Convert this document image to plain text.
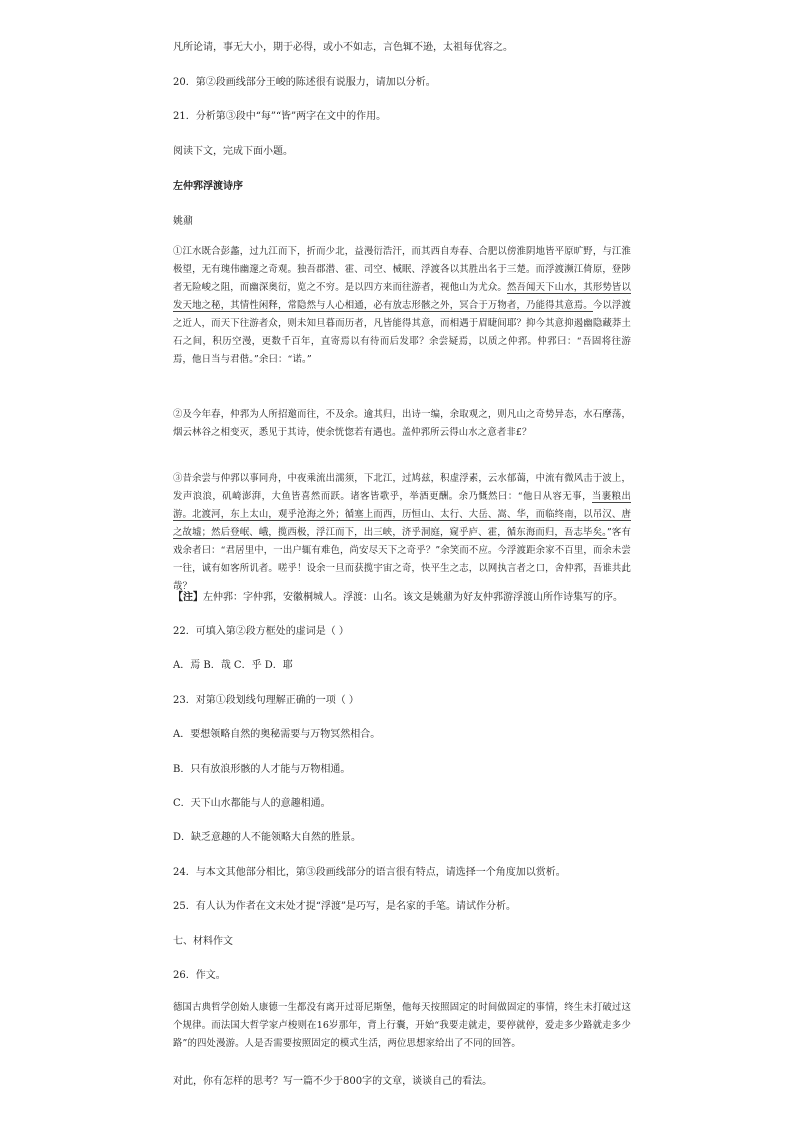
凡所论请，事无大小，期于必得，或小不如志，言色辄不逊，太祖每优容之。
20．第②段画线部分王峻的陈述很有说服力，请加以分析。
21．分析第③段中“每”“皆”两字在文中的作用。
阅读下文，完成下面小题。
左仲郛浮渡诗序
姚鼐
①江水既合彭蠡，过九江而下，折而少北，益漫衍浩汗，而其西自寿春、合肥以傍淮阴地皆平原旷野，与江淮极望，无有瑰伟幽邃之奇观。独吾郡潜、霍、司空、械眠、浮渡各以其胜出名于三楚。而浮渡濒江倚原，登陟者无险峻之阻，而幽深奥衍，览之不穷。是以四方来而往游者，视他山为尤众。然吾闻天下山水，其形势皆以发天地之秘，其情性闲释，常隐然与人心相通，必有放志形骸之外，冥合于万物者，乃能得其意焉。今以浮渡之近人，而天下往游者众，则未知旦暮而历者，凡皆能得其意，而相遇于眉睫间耶？抑今其意抑遏幽隐藏莽土石之间，积历空漫，更数千百年，直寄焉以有待而后发耶？余尝疑焉，以质之仲郛。仲郛曰：“吾固将往游焉，他日当与君偕。”余曰：“诺。”
②及今年春，仲郛为人所招邀而往，不及余。逾其归，出诗一编，余取观之，则凡山之奇势异态，水石摩荡，烟云林谷之相变灭，悉见于其诗，使余恍惚若有遇也。盖仲郛所云得山水之意者非£？
③昔余尝与仲郛以事同舟，中夜乘流出濡须，下北江，过鸠兹，积虚浮素，云水郁蔼，中流有微风击于波上，发声浪浪，矶崎澎湃，大鱼皆喜然而跃。诸客皆歌乎，举酒更酬。余乃慨然曰：“他日从容无事，当裹粮出游。北渡河，东上太山，观乎沧海之外；循塞上而西，历恒山、太行、大岳、嵩、华，而临终南，以吊汉、唐之故墟；然后登岷、峨，揽西极，浮江而下，出三峡，济乎洞庭，窥乎庐、霍，循东海而归，吾志毕矣。”客有戏余者曰：“君居里中，一出户辄有难色，尚安尽天下之奇乎？”余笑而不应。今浮渡距余家不百里，而余未尝一往，诚有如客所讥者。嗟乎！设余一旦而获揽宇宙之奇，快平生之志，以网执言者之口，舍仲郛，吾谁共此哉？
【注】左仲郛：字仲郛，安徽桐城人。浮渡：山名。该文是姚鼐为好友仲郛游浮渡山所作诗集写的序。
22．可填入第②段方框处的虚词是（ ）
A．焉 B．哉 C．乎 D．耶
23．对第①段划线句理解正确的一项（ ）
A．要想领略自然的奥秘需要与万物冥然相合。
B．只有放浪形骸的人才能与万物相通。
C．天下山水都能与人的意趣相通。
D．缺乏意趣的人不能领略大自然的胜景。
24．与本文其他部分相比，第③段画线部分的语言很有特点，请选择一个角度加以赏析。
25．有人认为作者在文末处才提“浮渡”是巧写，是名家的手笔。请试作分析。
七、材料作文
26．作文。
德国古典哲学创始人康德一生都没有离开过哥尼斯堡，他每天按照固定的时间做固定的事情，终生未打破过这个规律。而法国大哲学家卢梭则在16岁那年，背上行囊，开始“我要走就走，要停就停，爱走多少路就走多少路”的四处漫游。人是否需要按照固定的模式生活，两位思想家给出了不同的回答。
对此，你有怎样的思考？写一篇不少于800字的文章，谈谈自己的看法。
